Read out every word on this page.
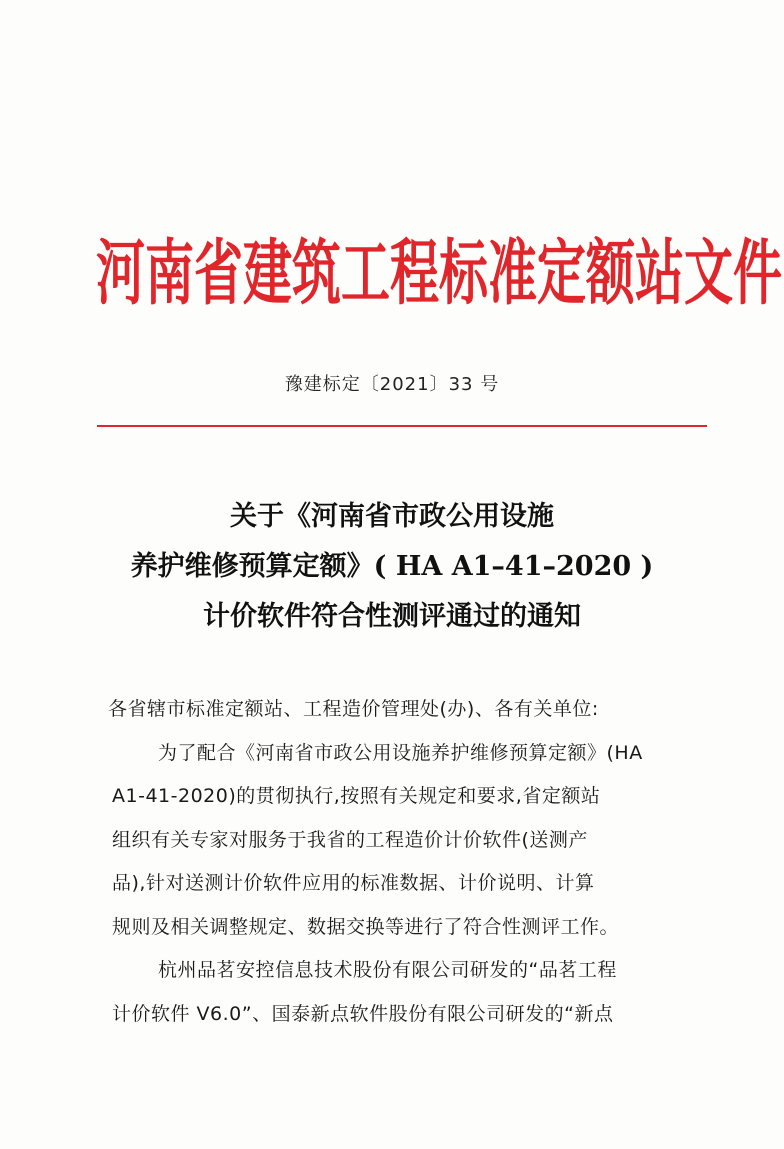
河南省建筑工程标准定额站文件
豫建标定〔2021〕33 号
关于《河南省市政公用设施
养护维修预算定额》( HA A1–41–2020 )
计价软件符合性测评通过的通知
各省辖市标准定额站、工程造价管理处(办)、各有关单位:
为了配合《河南省市政公用设施养护维修预算定额》(HA
A1-41-2020)的贯彻执行,按照有关规定和要求,省定额站
组织有关专家对服务于我省的工程造价计价软件(送测产
品),针对送测计价软件应用的标准数据、计价说明、计算
规则及相关调整规定、数据交换等进行了符合性测评工作。
杭州品茗安控信息技术股份有限公司研发的“品茗工程
计价软件 V6.0”、国泰新点软件股份有限公司研发的“新点
